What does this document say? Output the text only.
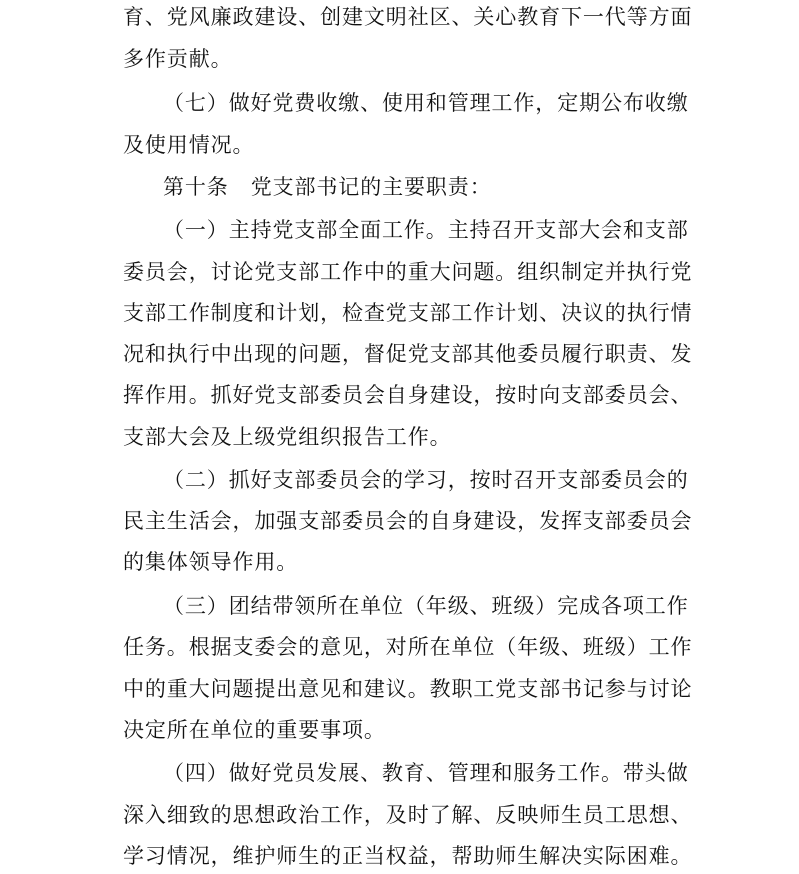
育、党风廉政建设、创建文明社区、关心教育下一代等方面
多作贡献。
（七）做好党费收缴、使用和管理工作，定期公布收缴
及使用情况。
第十条 党支部书记的主要职责：
（一）主持党支部全面工作。主持召开支部大会和支部
委员会，讨论党支部工作中的重大问题。组织制定并执行党
支部工作制度和计划，检查党支部工作计划、决议的执行情
况和执行中出现的问题，督促党支部其他委员履行职责、发
挥作用。抓好党支部委员会自身建设，按时向支部委员会、
支部大会及上级党组织报告工作。
（二）抓好支部委员会的学习，按时召开支部委员会的
民主生活会，加强支部委员会的自身建设，发挥支部委员会
的集体领导作用。
（三）团结带领所在单位（年级、班级）完成各项工作
任务。根据支委会的意见，对所在单位（年级、班级）工作
中的重大问题提出意见和建议。教职工党支部书记参与讨论
决定所在单位的重要事项。
（四）做好党员发展、教育、管理和服务工作。带头做
深入细致的思想政治工作，及时了解、反映师生员工思想、
学习情况，维护师生的正当权益，帮助师生解决实际困难。
